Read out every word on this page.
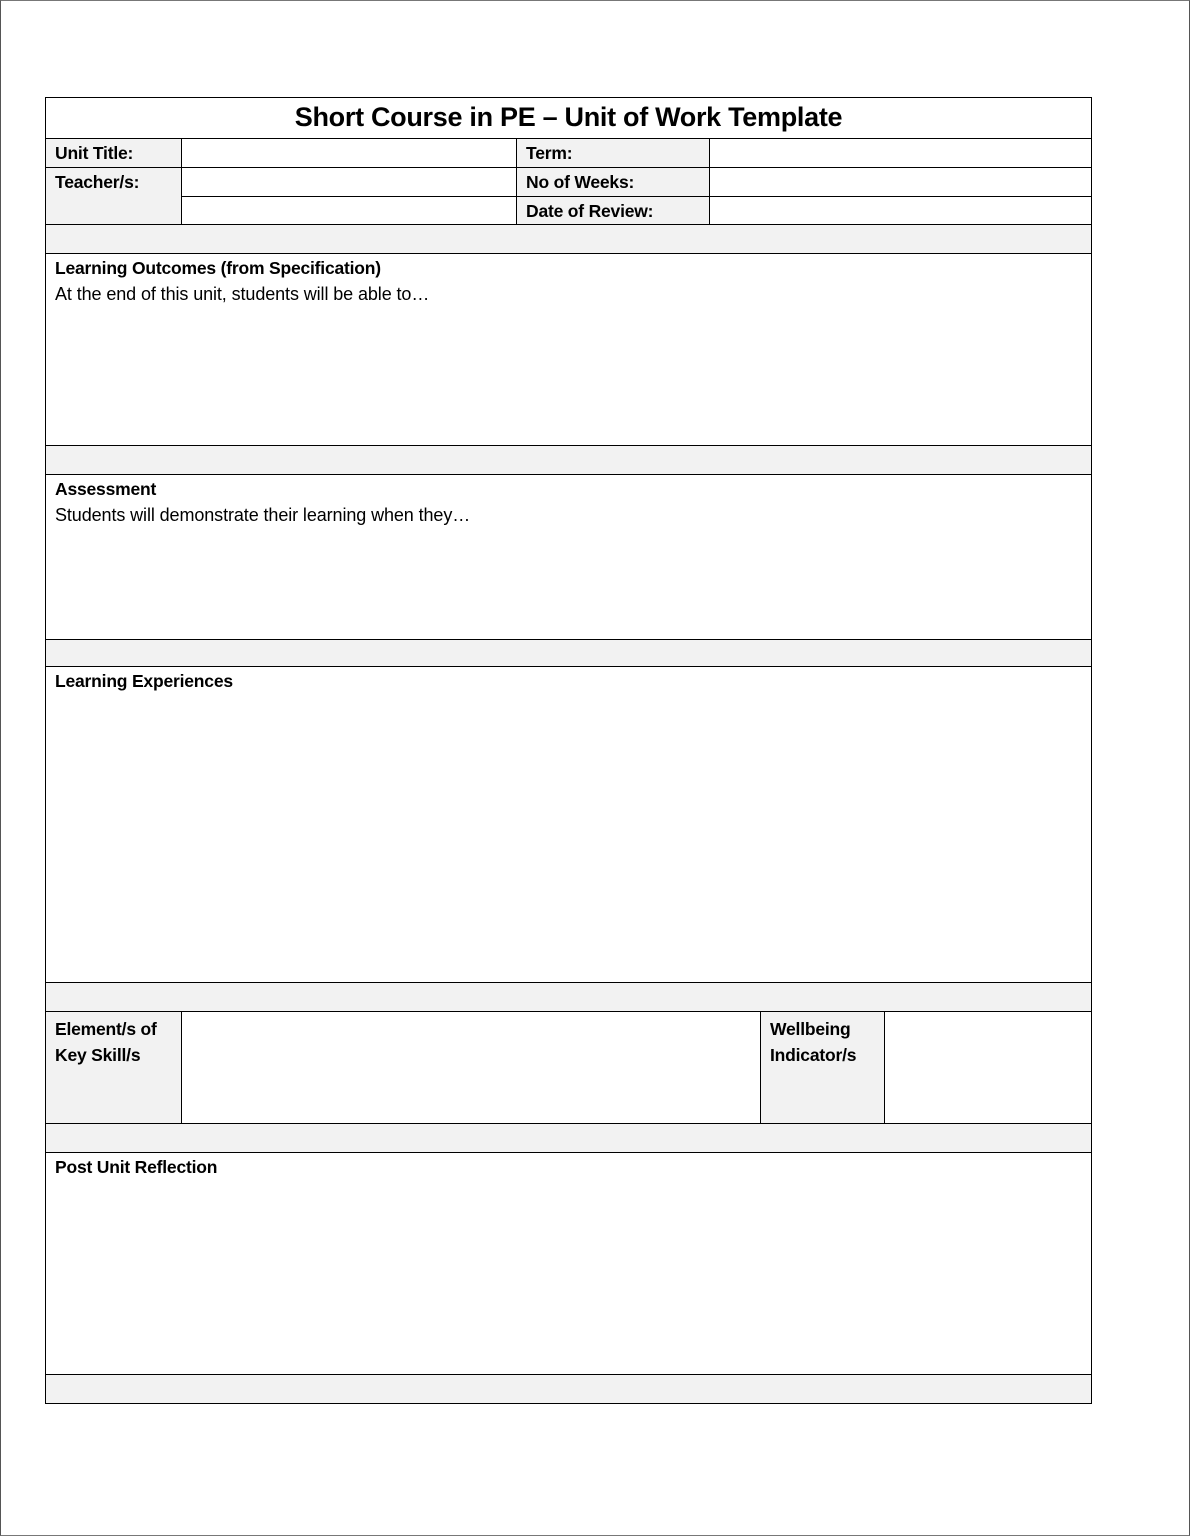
Short Course in PE – Unit of Work Template
Unit Title:	Term:
Teacher/s:	No of Weeks:
Date of Review:
Learning Outcomes (from Specification)
At the end of this unit, students will be able to…
Assessment
Students will demonstrate their learning when they…
Learning Experiences
Element/s of
Key Skill/s
Wellbeing
Indicator/s
Post Unit Reflection
